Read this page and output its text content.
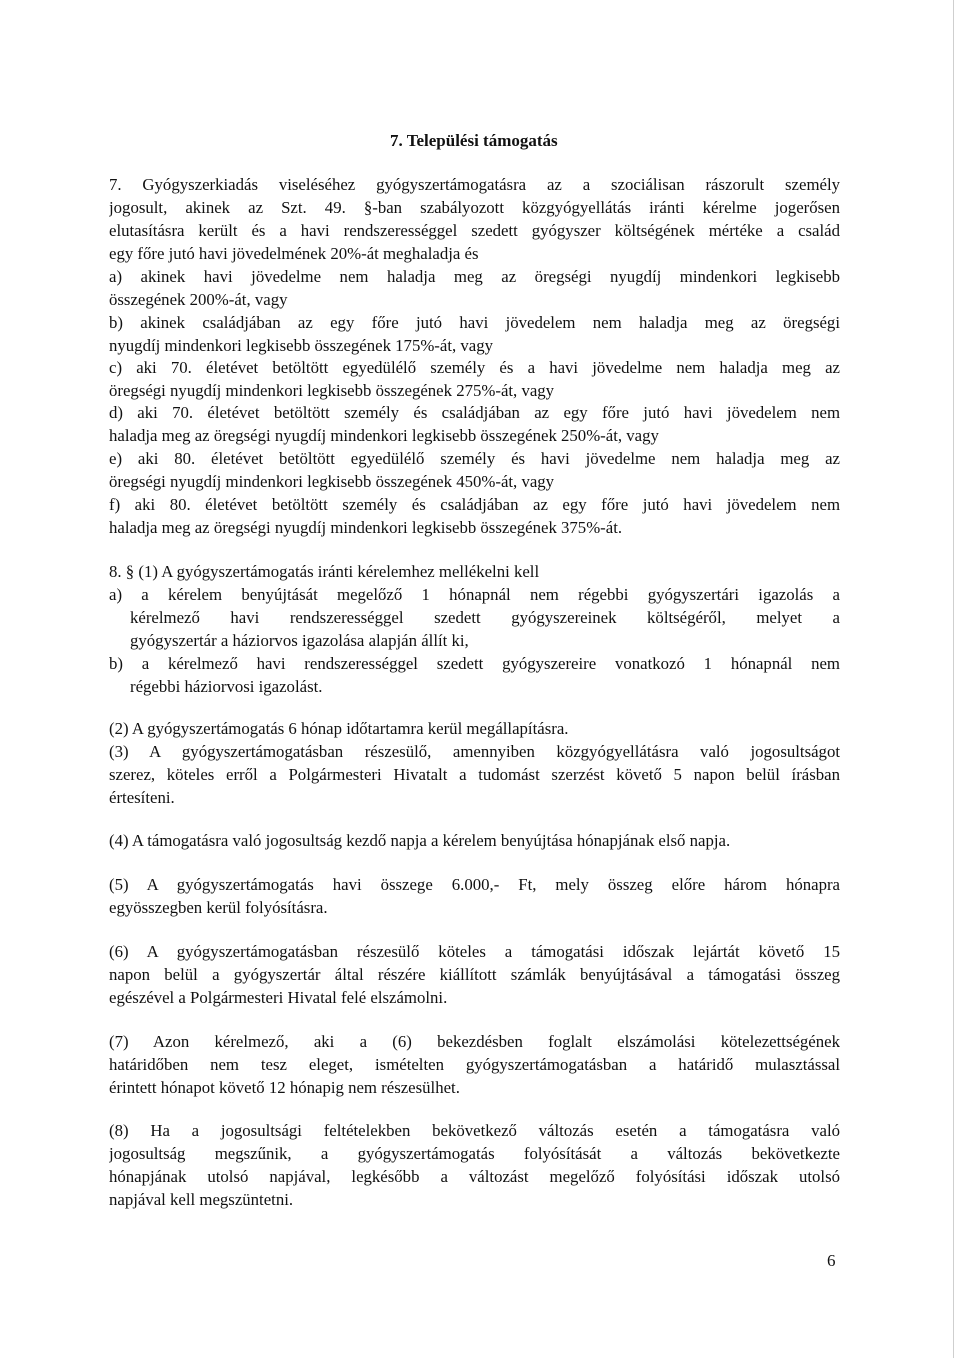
7. Települési támogatás
7. Gyógyszerkiadás viseléséhez gyógyszertámogatásra az a szociálisan rászorult személy
jogosult, akinek az Szt. 49. §-ban szabályozott közgyógyellátás iránti kérelme jogerősen
elutasításra került és a havi rendszerességgel szedett gyógyszer költségének mértéke a család
egy főre jutó havi jövedelmének 20%-át meghaladja és
a) akinek havi jövedelme nem haladja meg az öregségi nyugdíj mindenkori legkisebb
összegének 200%-át, vagy
b) akinek családjában az egy főre jutó havi jövedelem nem haladja meg az öregségi
nyugdíj mindenkori legkisebb összegének 175%-át, vagy
c) aki 70. életévet betöltött egyedülélő személy és a havi jövedelme nem haladja meg az
öregségi nyugdíj mindenkori legkisebb összegének 275%-át, vagy
d) aki 70. életévet betöltött személy és családjában az egy főre jutó havi jövedelem nem
haladja meg az öregségi nyugdíj mindenkori legkisebb összegének 250%-át, vagy
e) aki 80. életévet betöltött egyedülélő személy és havi jövedelme nem haladja meg az
öregségi nyugdíj mindenkori legkisebb összegének 450%-át, vagy
f) aki 80. életévet betöltött személy és családjában az egy főre jutó havi jövedelem nem
haladja meg az öregségi nyugdíj mindenkori legkisebb összegének 375%-át.
8. § (1) A gyógyszertámogatás iránti kérelemhez mellékelni kell
a) a kérelem benyújtását megelőző 1 hónapnál nem régebbi gyógyszertári igazolás a
kérelmező havi rendszerességgel szedett gyógyszereinek költségéről, melyet a
gyógyszertár a háziorvos igazolása alapján állít ki,
b) a kérelmező havi rendszerességgel szedett gyógyszereire vonatkozó 1 hónapnál nem
régebbi háziorvosi igazolást.
(2) A gyógyszertámogatás 6 hónap időtartamra kerül megállapításra.
(3) A gyógyszertámogatásban részesülő, amennyiben közgyógyellátásra való jogosultságot
szerez, köteles erről a Polgármesteri Hivatalt a tudomást szerzést követő 5 napon belül írásban
értesíteni.
(4) A támogatásra való jogosultság kezdő napja a kérelem benyújtása hónapjának első napja.
(5) A gyógyszertámogatás havi összege 6.000,- Ft, mely összeg előre három hónapra
egyösszegben kerül folyósításra.
(6) A gyógyszertámogatásban részesülő köteles a támogatási időszak lejártát követő 15
napon belül a gyógyszertár által részére kiállított számlák benyújtásával a támogatási összeg
egészével a Polgármesteri Hivatal felé elszámolni.
(7) Azon kérelmező, aki a (6) bekezdésben foglalt elszámolási kötelezettségének
határidőben nem tesz eleget, ismételten gyógyszertámogatásban a határidő mulasztással
érintett hónapot követő 12 hónapig nem részesülhet.
(8) Ha a jogosultsági feltételekben bekövetkező változás esetén a támogatásra való
jogosultság megszűnik, a gyógyszertámogatás folyósítását a változás bekövetkezte
hónapjának utolsó napjával, legkésőbb a változást megelőző folyósítási időszak utolsó
napjával kell megszüntetni.
6
